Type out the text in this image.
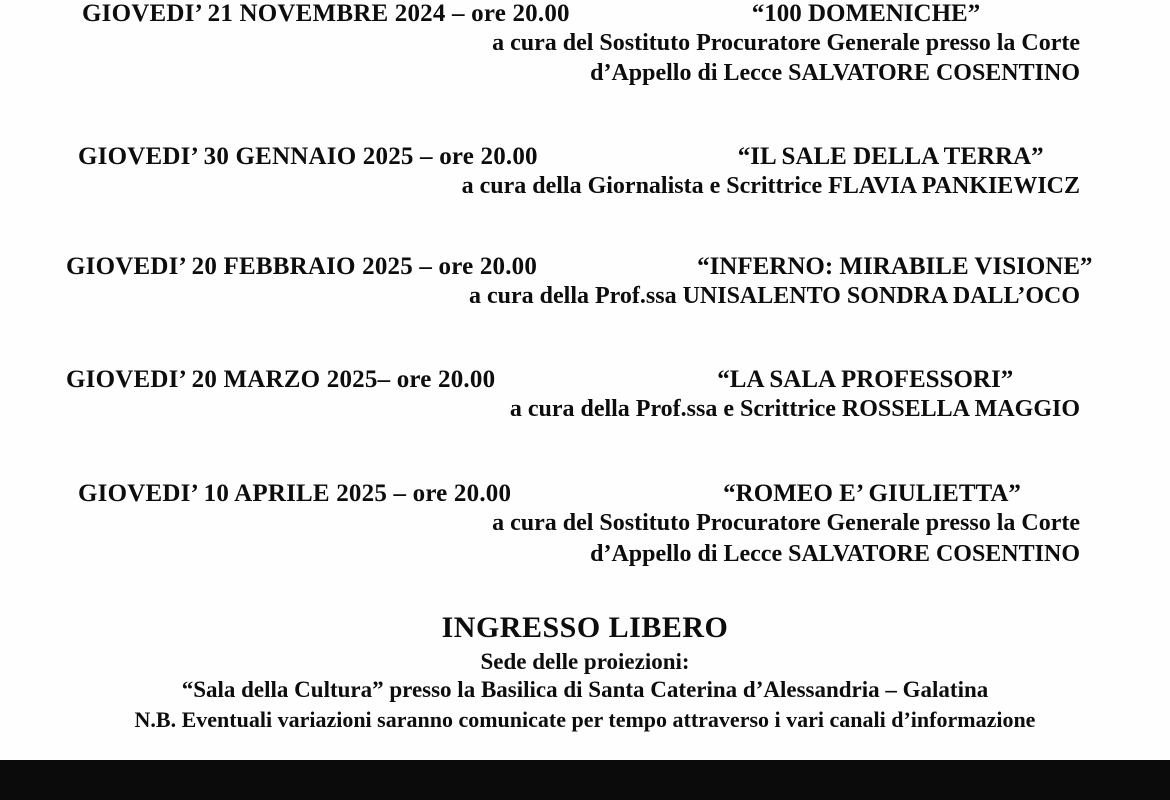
GIOVEDI’ 21 NOVEMBRE 2024 – ore 20.00	“100 DOMENICHE”
a cura del Sostituto Procuratore Generale presso la Corte
d’Appello di Lecce SALVATORE COSENTINO
GIOVEDI’ 30 GENNAIO 2025 – ore 20.00	“IL SALE DELLA TERRA”
a cura della Giornalista e Scrittrice FLAVIA PANKIEWICZ
GIOVEDI’ 20 FEBBRAIO 2025 – ore 20.00	“INFERNO: MIRABILE VISIONE”
a cura della Prof.ssa UNISALENTO SONDRA DALL’OCO
GIOVEDI’ 20 MARZO 2025– ore 20.00	“LA SALA PROFESSORI”
a cura della Prof.ssa e Scrittrice ROSSELLA MAGGIO
GIOVEDI’ 10 APRILE 2025 – ore 20.00	“ROMEO E’ GIULIETTA”
a cura del Sostituto Procuratore Generale presso la Corte
d’Appello di Lecce SALVATORE COSENTINO
INGRESSO LIBERO
Sede delle proiezioni:
“Sala della Cultura” presso la Basilica di Santa Caterina d’Alessandria – Galatina
N.B. Eventuali variazioni saranno comunicate per tempo attraverso i vari canali d’informazione
